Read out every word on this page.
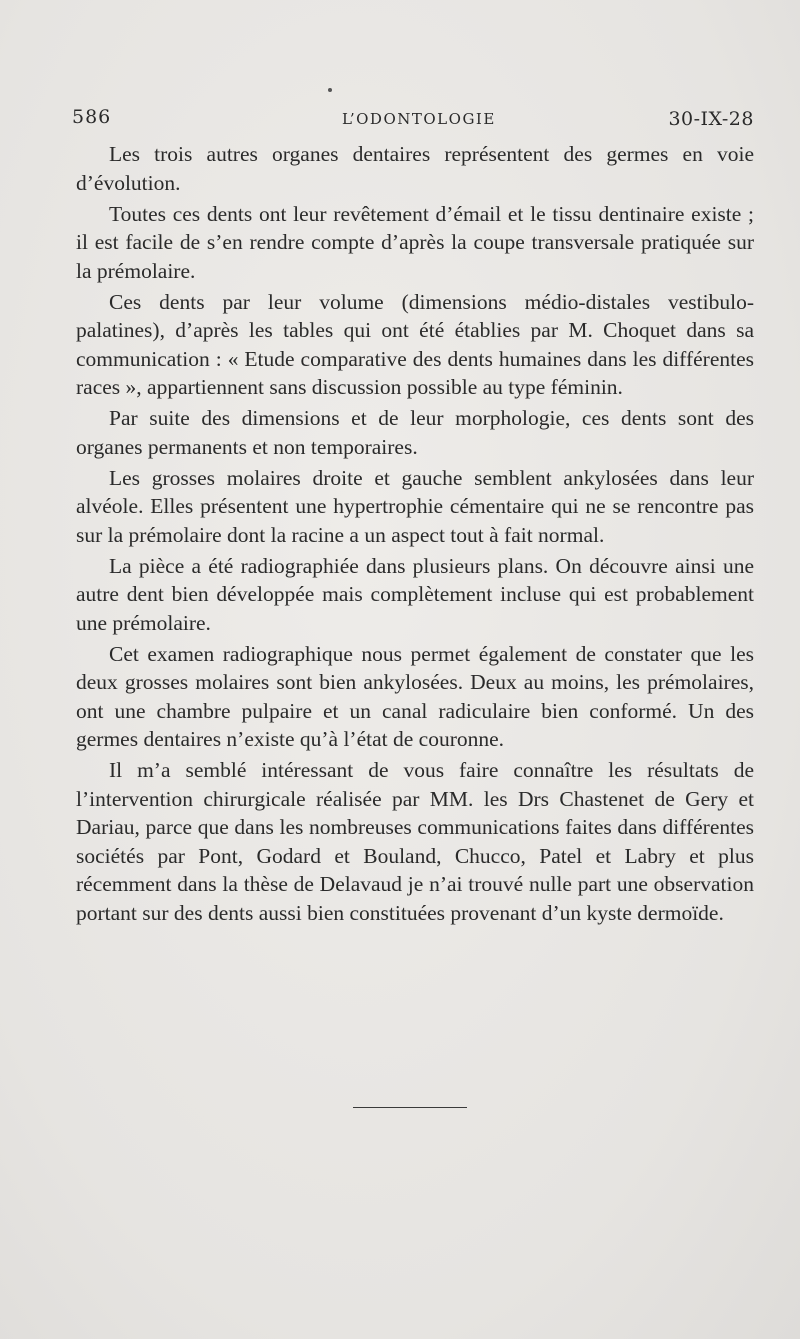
586	L’ODONTOLOGIE	30-IX-28

Les trois autres organes dentaires représentent des germes en voie d’évolution.

Toutes ces dents ont leur revêtement d’émail et le tissu dentinaire existe ; il est facile de s’en rendre compte d’après la coupe transversale pratiquée sur la prémolaire.

Ces dents par leur volume (dimensions médio-distales vestibulo-palatines), d’après les tables qui ont été établies par M. Choquet dans sa communication : « Etude comparative des dents humaines dans les différentes races », appartiennent sans discussion possible au type féminin.

Par suite des dimensions et de leur morphologie, ces dents sont des organes permanents et non temporaires.

Les grosses molaires droite et gauche semblent ankylosées dans leur alvéole. Elles présentent une hypertrophie cémentaire qui ne se rencontre pas sur la prémolaire dont la racine a un aspect tout à fait normal.

La pièce a été radiographiée dans plusieurs plans. On découvre ainsi une autre dent bien développée mais complètement incluse qui est probablement une prémolaire.

Cet examen radiographique nous permet également de constater que les deux grosses molaires sont bien ankylosées. Deux au moins, les prémolaires, ont une chambre pulpaire et un canal radiculaire bien conformé. Un des germes dentaires n’existe qu’à l’état de couronne.

Il m’a semblé intéressant de vous faire connaître les résultats de l’intervention chirurgicale réalisée par MM. les Drs Chastenet de Gery et Dariau, parce que dans les nombreuses communications faites dans différentes sociétés par Pont, Godard et Bouland, Chucco, Patel et Labry et plus récemment dans la thèse de Delavaud je n’ai trouvé nulle part une observation portant sur des dents aussi bien constituées provenant d’un kyste dermoïde.
